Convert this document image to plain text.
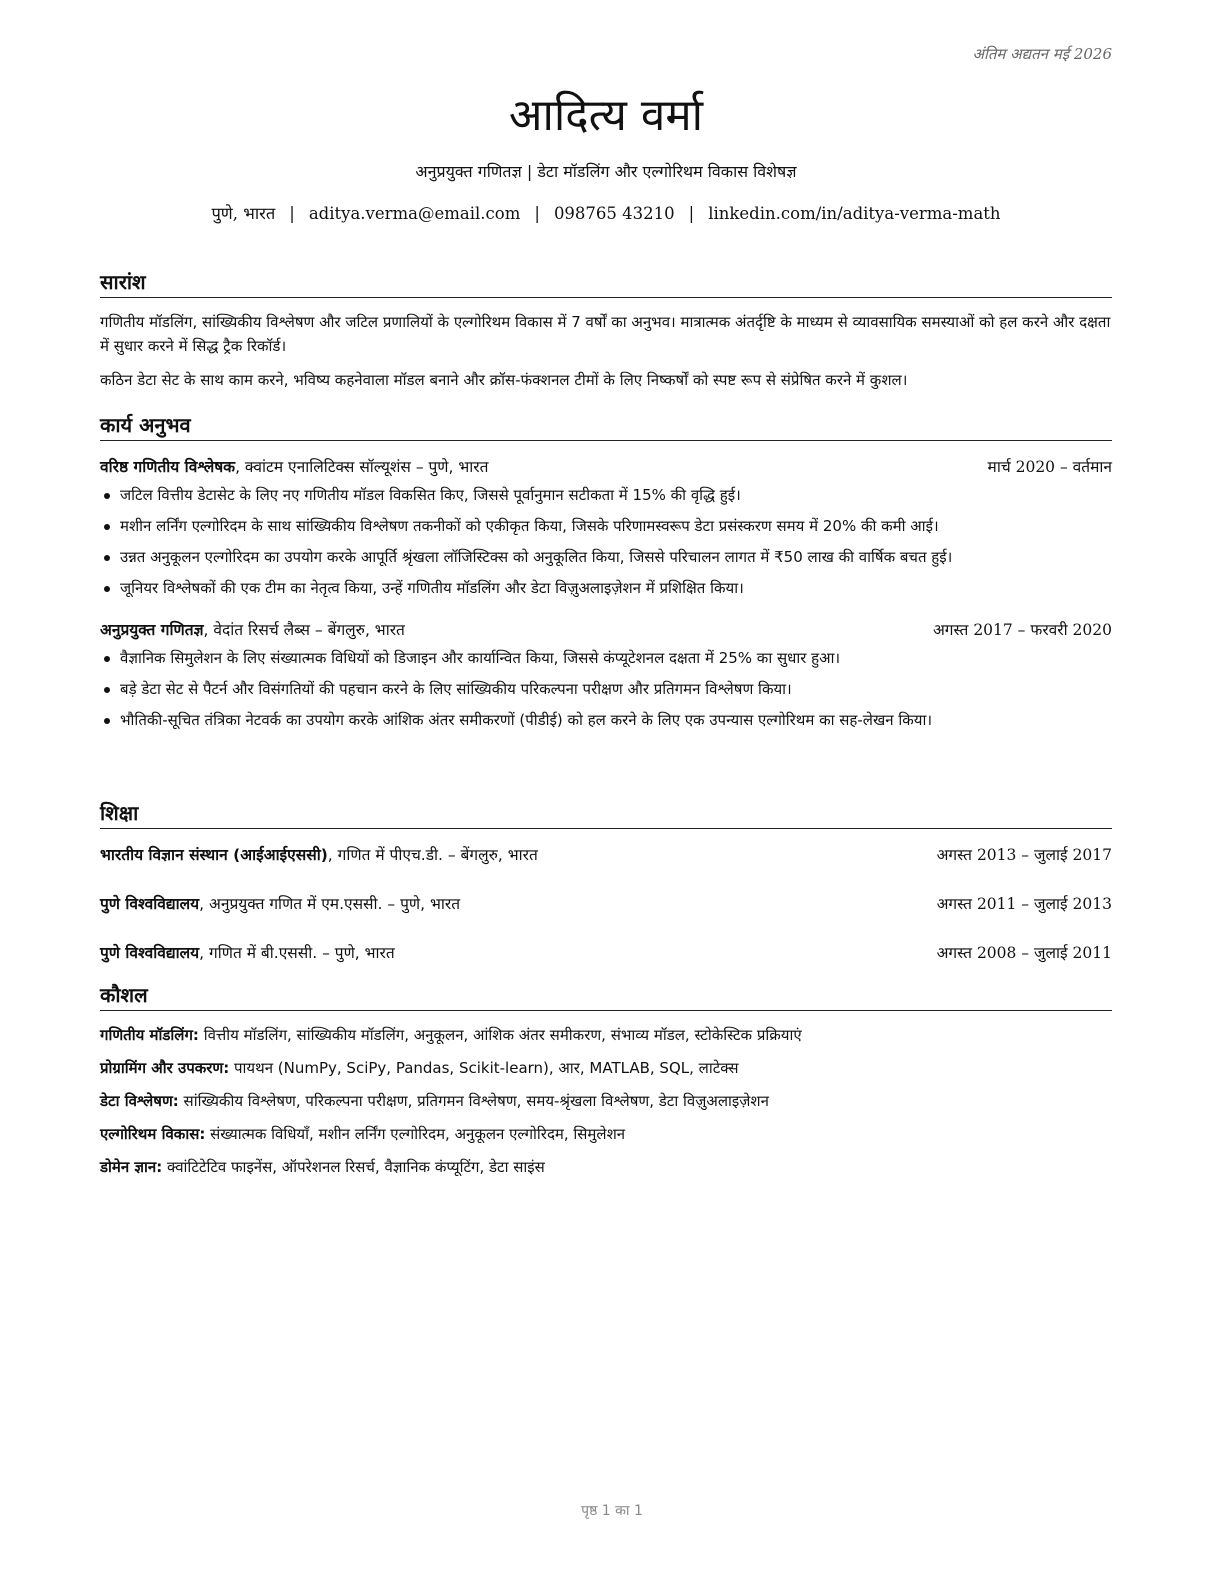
अंतिम अद्यतन मई 2026
आदित्य वर्मा
अनुप्रयुक्त गणितज्ञ | डेटा मॉडलिंग और एल्गोरिथम विकास विशेषज्ञ
पुणे, भारत | aditya.verma@email.com | 098765 43210 | linkedin.com/in/aditya-verma-math
सारांश

गणितीय मॉडलिंग, सांख्यिकीय विश्लेषण और जटिल प्रणालियों के एल्गोरिथम विकास में 7 वर्षों का अनुभव। मात्रात्मक अंतर्दृष्टि के माध्यम से व्यावसायिक समस्याओं को हल करने और दक्षता में सुधार करने में सिद्ध ट्रैक रिकॉर्ड।

कठिन डेटा सेट के साथ काम करने, भविष्य कहनेवाला मॉडल बनाने और क्रॉस-फंक्शनल टीमों के लिए निष्कर्षों को स्पष्ट रूप से संप्रेषित करने में कुशल।

कार्य अनुभव
वरिष्ठ गणितीय विश्लेषक, क्वांटम एनालिटिक्स सॉल्यूशंस – पुणे, भारत	मार्च 2020 – वर्तमान
जटिल वित्तीय डेटासेट के लिए नए गणितीय मॉडल विकसित किए, जिससे पूर्वानुमान सटीकता में 15% की वृद्धि हुई।
मशीन लर्निंग एल्गोरिदम के साथ सांख्यिकीय विश्लेषण तकनीकों को एकीकृत किया, जिसके परिणामस्वरूप डेटा प्रसंस्करण समय में 20% की कमी आई।
उन्नत अनुकूलन एल्गोरिदम का उपयोग करके आपूर्ति श्रृंखला लॉजिस्टिक्स को अनुकूलित किया, जिससे परिचालन लागत में ₹50 लाख की वार्षिक बचत हुई।
जूनियर विश्लेषकों की एक टीम का नेतृत्व किया, उन्हें गणितीय मॉडलिंग और डेटा विज़ुअलाइज़ेशन में प्रशिक्षित किया।
अनुप्रयुक्त गणितज्ञ, वेदांत रिसर्च लैब्स – बेंगलुरु, भारत	अगस्त 2017 – फरवरी 2020
वैज्ञानिक सिमुलेशन के लिए संख्यात्मक विधियों को डिजाइन और कार्यान्वित किया, जिससे कंप्यूटेशनल दक्षता में 25% का सुधार हुआ।
बड़े डेटा सेट से पैटर्न और विसंगतियों की पहचान करने के लिए सांख्यिकीय परिकल्पना परीक्षण और प्रतिगमन विश्लेषण किया।
भौतिकी-सूचित तंत्रिका नेटवर्क का उपयोग करके आंशिक अंतर समीकरणों (पीडीई) को हल करने के लिए एक उपन्यास एल्गोरिथम का सह-लेखन किया।
शिक्षा
भारतीय विज्ञान संस्थान (आईआईएससी), गणित में पीएच.डी. – बेंगलुरु, भारत	अगस्त 2013 – जुलाई 2017
पुणे विश्वविद्यालय, अनुप्रयुक्त गणित में एम.एससी. – पुणे, भारत	अगस्त 2011 – जुलाई 2013
पुणे विश्वविद्यालय, गणित में बी.एससी. – पुणे, भारत	अगस्त 2008 – जुलाई 2011
कौशल
गणितीय मॉडलिंग: वित्तीय मॉडलिंग, सांख्यिकीय मॉडलिंग, अनुकूलन, आंशिक अंतर समीकरण, संभाव्य मॉडल, स्टोकेस्टिक प्रक्रियाएं
प्रोग्रामिंग और उपकरण: पायथन (NumPy, SciPy, Pandas, Scikit-learn), आर, MATLAB, SQL, लाटेक्स
डेटा विश्लेषण: सांख्यिकीय विश्लेषण, परिकल्पना परीक्षण, प्रतिगमन विश्लेषण, समय-श्रृंखला विश्लेषण, डेटा विज़ुअलाइज़ेशन
एल्गोरिथम विकास: संख्यात्मक विधियाँ, मशीन लर्निंग एल्गोरिदम, अनुकूलन एल्गोरिदम, सिमुलेशन
डोमेन ज्ञान: क्वांटिटेटिव फाइनेंस, ऑपरेशनल रिसर्च, वैज्ञानिक कंप्यूटिंग, डेटा साइंस
पृष्ठ 1 का 1
